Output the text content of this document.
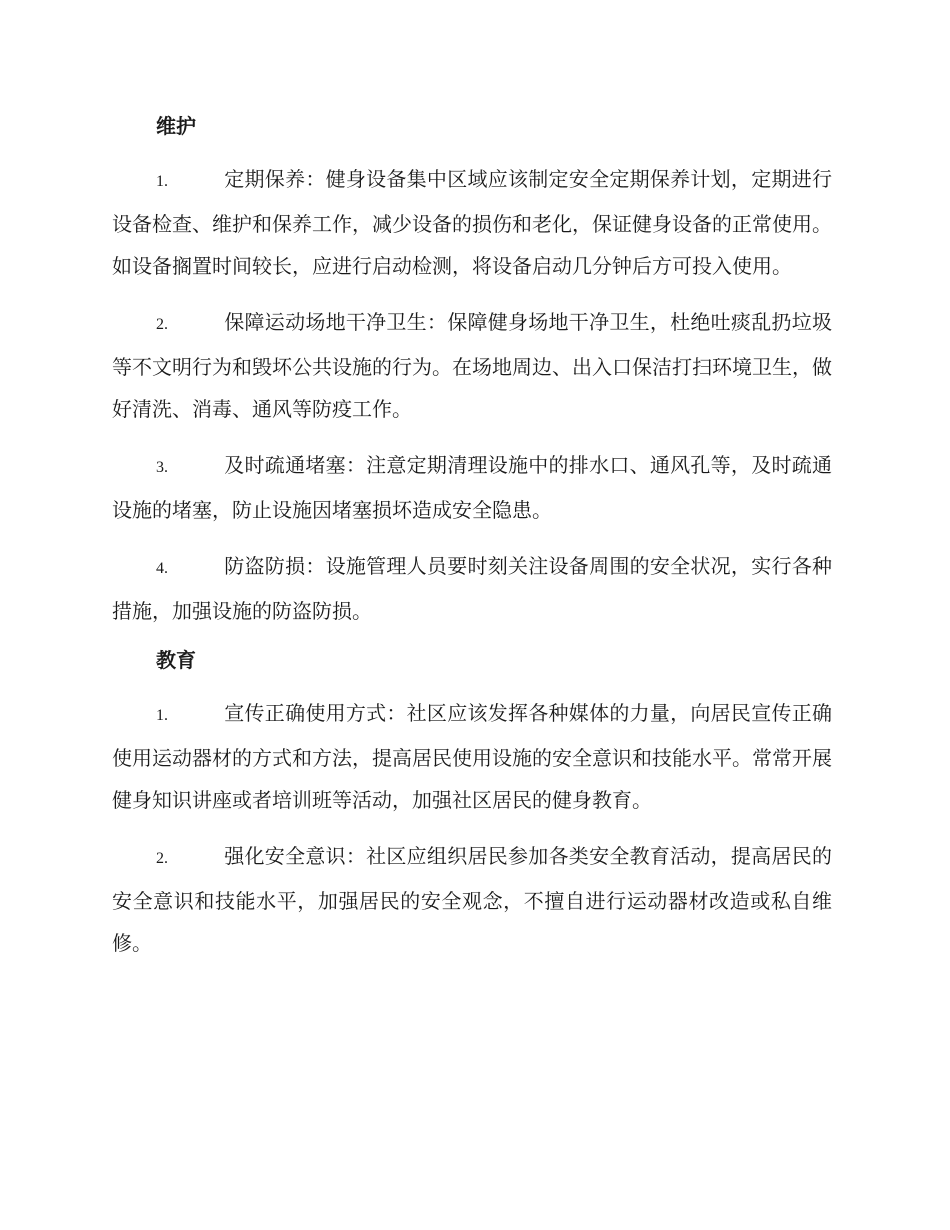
维护

1.	定期保养：健身设备集中区域应该制定安全定期保养计划，定期进行设备检查、维护和保养工作，减少设备的损伤和老化，保证健身设备的正常使用。如设备搁置时间较长，应进行启动检测，将设备启动几分钟后方可投入使用。

2.	保障运动场地干净卫生：保障健身场地干净卫生，杜绝吐痰乱扔垃圾等不文明行为和毁坏公共设施的行为。在场地周边、出入口保洁打扫环境卫生，做好清洗、消毒、通风等防疫工作。

3.	及时疏通堵塞：注意定期清理设施中的排水口、通风孔等，及时疏通设施的堵塞，防止设施因堵塞损坏造成安全隐患。

4.	防盗防损：设施管理人员要时刻关注设备周围的安全状况，实行各种措施，加强设施的防盗防损。

教育

1.	宣传正确使用方式：社区应该发挥各种媒体的力量，向居民宣传正确使用运动器材的方式和方法，提高居民使用设施的安全意识和技能水平。常常开展健身知识讲座或者培训班等活动，加强社区居民的健身教育。

2.	强化安全意识：社区应组织居民参加各类安全教育活动，提高居民的安全意识和技能水平，加强居民的安全观念，不擅自进行运动器材改造或私自维修。
